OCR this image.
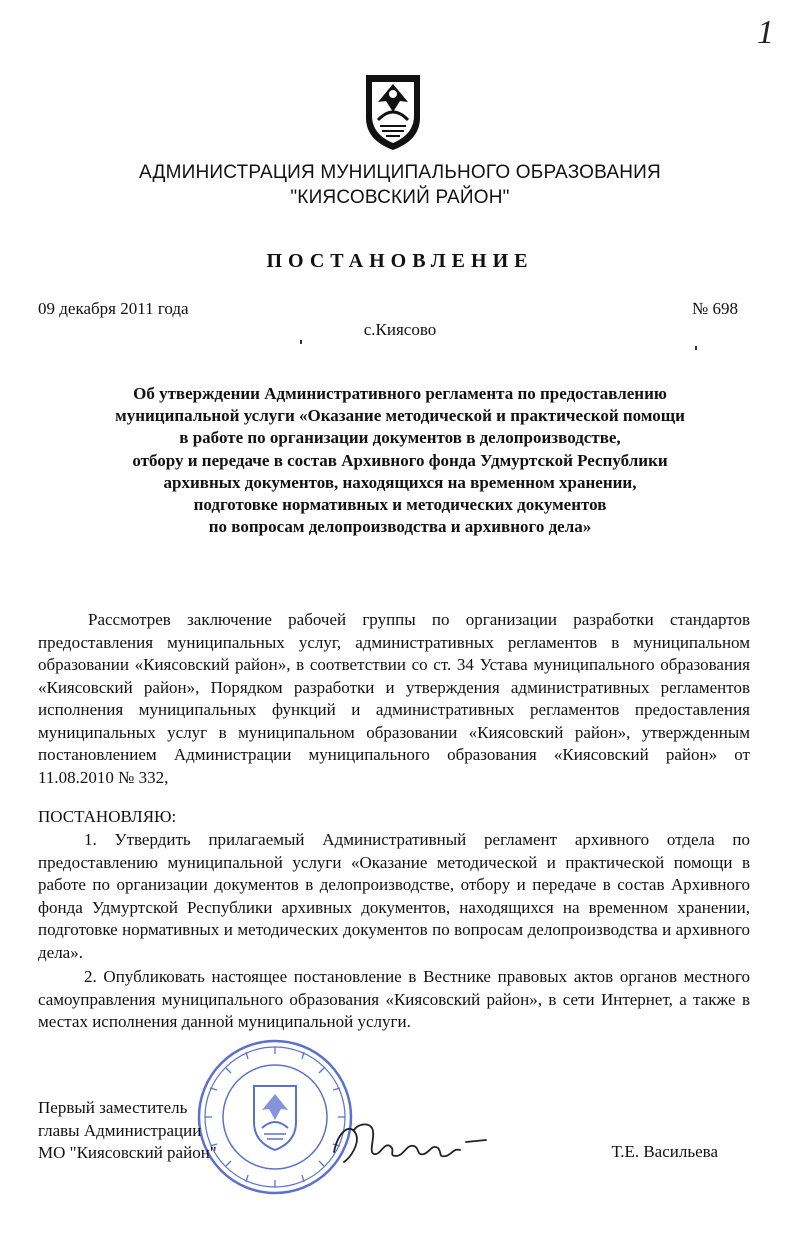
1
АДМИНИСТРАЦИЯ МУНИЦИПАЛЬНОГО ОБРАЗОВАНИЯ
"КИЯСОВСКИЙ РАЙОН"
ПОСТАНОВЛЕНИЕ
09 декабря 2011 года	№ 698
с.Киясово
Об утверждении Административного регламента по предоставлению
муниципальной услуги «Оказание методической и практической помощи
в работе по организации документов в делопроизводстве,
отбору и передаче в состав Архивного фонда Удмуртской Республики
архивных документов, находящихся на временном хранении,
подготовке нормативных и методических документов
по вопросам делопроизводства и архивного дела»
Рассмотрев заключение рабочей группы по организации разработки стандартов предоставления муниципальных услуг, административных регламентов в муниципальном образовании «Киясовский район», в соответствии со ст. 34 Устава муниципального образования «Киясовский район», Порядком разработки и утверждения административных регламентов исполнения муниципальных функций и административных регламентов предоставления муниципальных услуг в муниципальном образовании «Киясовский район», утвержденным постановлением Администрации муниципального образования «Киясовский район» от 11.08.2010 № 332,
ПОСТАНОВЛЯЮ:
1. Утвердить прилагаемый Административный регламент архивного отдела по предоставлению муниципальной услуги «Оказание методической и практической помощи в работе по организации документов в делопроизводстве, отбору и передаче в состав Архивного фонда Удмуртской Республики архивных документов, находящихся на временном хранении, подготовке нормативных и методических документов по вопросам делопроизводства и архивного дела».
2. Опубликовать настоящее постановление в Вестнике правовых актов органов местного самоуправления муниципального образования «Киясовский район», в сети Интернет, а также в местах исполнения данной муниципальной услуги.
Первый заместитель
главы Администрации
МО "Киясовский район"	Т.Е. Васильева
